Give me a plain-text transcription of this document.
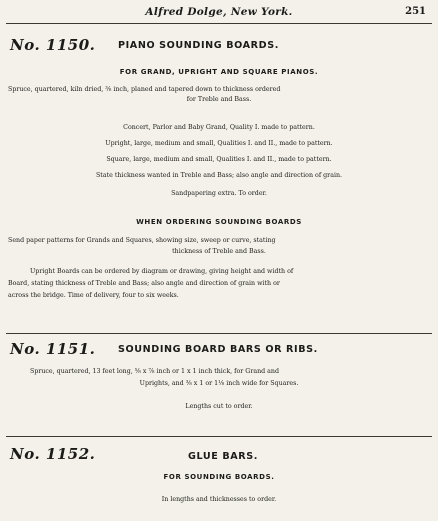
Alfred Dolge, New York.	251
No. 1150. PIANO SOUNDING BOARDS.
FOR GRAND, UPRIGHT AND SQUARE PIANOS.
Spruce, quartered, kiln dried, ⅜ inch, planed and tapered down to thickness ordered
for Treble and Bass.
Concert, Parlor and Baby Grand, Quality I. made to pattern.
Upright, large, medium and small, Qualities I. and II., made to pattern.
Square, large, medium and small, Qualities I. and II., made to pattern.
State thickness wanted in Treble and Bass; also angle and direction of grain.
Sandpapering extra. To order.
WHEN ORDERING SOUNDING BOARDS
Send paper patterns for Grands and Squares, showing size, sweep or curve, stating
thickness of Treble and Bass.
Upright Boards can be ordered by diagram or drawing, giving height and width of
Board, stating thickness of Treble and Bass; also angle and direction of grain with or
across the bridge. Time of delivery, four to six weeks.
No. 1151. SOUNDING BOARD BARS OR RIBS.
Spruce, quartered, 13 feet long, ⅝ x ⅞ inch or 1 x 1 inch thick, for Grand and
Uprights, and ⅜ x 1 or 1⅛ inch wide for Squares.
Lengths cut to order.
No. 1152.	GLUE BARS.
FOR SOUNDING BOARDS.
In lengths and thicknesses to order.
